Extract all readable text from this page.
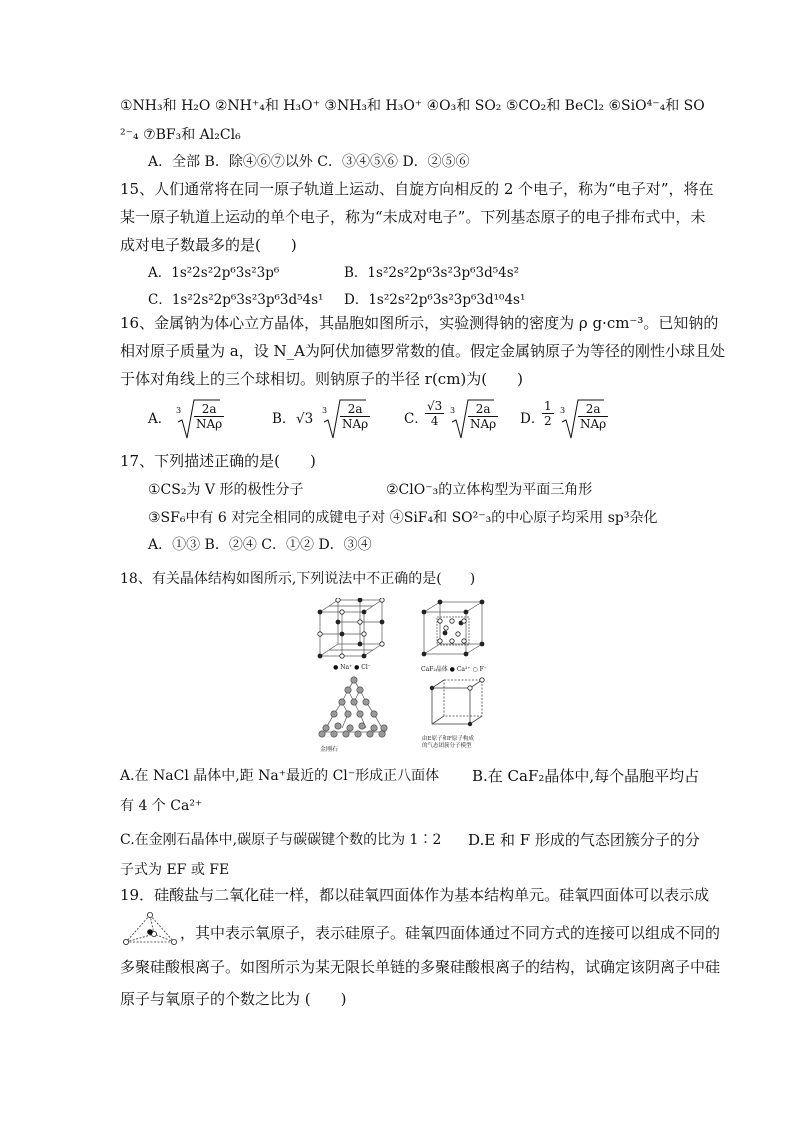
①NH₃和 H₂O ②NH⁺₄和 H₃O⁺ ③NH₃和 H₃O⁺ ④O₃和 SO₂ ⑤CO₂和 BeCl₂ ⑥SiO⁴⁻₄和 SO
²⁻₄ ⑦BF₃和 Al₂Cl₆
A．全部 B．除④⑥⑦以外 C．③④⑤⑥ D．②⑤⑥
15、人们通常将在同一原子轨道上运动、自旋方向相反的 2 个电子，称为“电子对”，将在
某一原子轨道上运动的单个电子，称为“未成对电子”。下列基态原子的电子排布式中，未
成对电子数最多的是(　　)
A．1s²2s²2p⁶3s²3p⁶	B．1s²2s²2p⁶3s²3p⁶3d⁵4s²
C．1s²2s²2p⁶3s²3p⁶3d⁵4s¹ D．1s²2s²2p⁶3s²3p⁶3d¹⁰4s¹
16、金属钠为体心立方晶体，其晶胞如图所示，实验测得钠的密度为 ρ g·cm⁻³。已知钠的
相对原子质量为 a，设 N_A为阿伏加德罗常数的值。假定金属钠原子为等径的刚性小球且处
于体对角线上的三个球相切。则钠原子的半径 r(cm)为(　　)
A．
3	2a
NAρ	B． √3
3	2a
NAρ	C．
$\frac{√3}{4} 3$	2a
NAρ D．
$\frac{1}{2} 3$	2a
NAρ
17、下列描述正确的是(　　)
①CS₂为 V 形的极性分子	②ClO⁻₃的立体构型为平面三角形
③SF₆中有 6 对完全相同的成键电子对 ④SiF₄和 SO²⁻₃的中心原子均采用 sp³杂化
A．①③ B．②④ C．①② D．③④
18、有关晶体结构如图所示,下列说法中不正确的是(　　)
● Na⁺ ● Cl⁻	CaF₂晶体 ● Ca²⁺ ○ F⁻
金刚石
由E原子和F原子构成
的气态团簇分子模型
A.在 NaCl 晶体中,距 Na⁺最近的 Cl⁻形成正八面体 B.在 CaF₂晶体中,每个晶胞平均占
有 4 个 Ca²⁺
C.在金刚石晶体中,碳原子与碳碳键个数的比为 1∶2 D.E 和 F 形成的气态团簇分子的分
子式为 EF 或 FE
19．硅酸盐与二氧化硅一样，都以硅氧四面体作为基本结构单元。硅氧四面体可以表示成
，其中表示氧原子，表示硅原子。硅氧四面体通过不同方式的连接可以组成不同的
多聚硅酸根离子。如图所示为某无限长单链的多聚硅酸根离子的结构，试确定该阴离子中硅
原子与氧原子的个数之比为 (　　)
